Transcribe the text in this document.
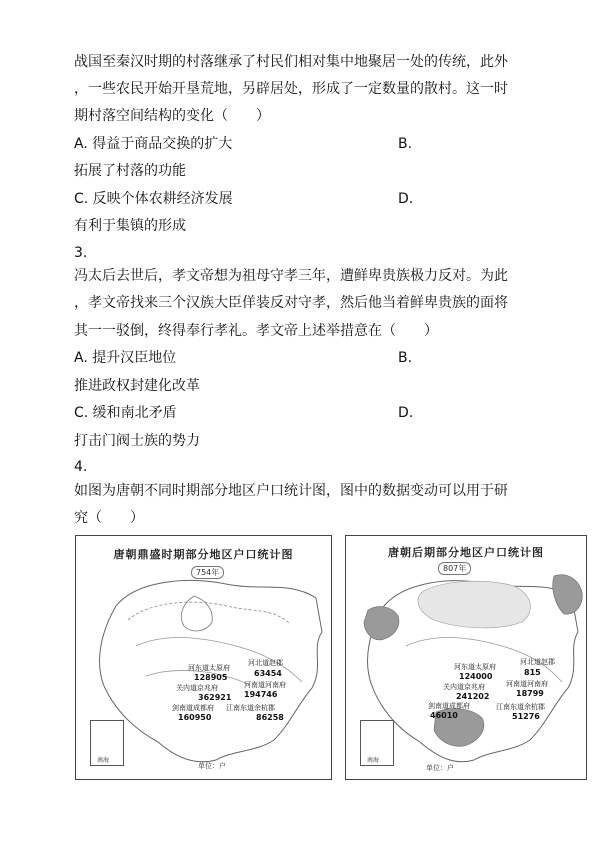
战国至秦汉时期的村落继承了村民们相对集中地聚居一处的传统，此外
，一些农民开始开垦荒地，另辟居处，形成了一定数量的散村。这一时
期村落空间结构的变化（　　）
A. 得益于商品交换的扩大	B.
拓展了村落的功能
C. 反映个体农耕经济发展	D.
有利于集镇的形成
3.
冯太后去世后，孝文帝想为祖母守孝三年，遭鲜卑贵族极力反对。为此
，孝文帝找来三个汉族大臣佯装反对守孝，然后他当着鲜卑贵族的面将
其一一驳倒，终得奉行孝礼。孝文帝上述举措意在（　　）
A. 提升汉臣地位	B.
推进政权封建化改革
C. 缓和南北矛盾	D.
打击门阀士族的势力
4.
如图为唐朝不同时期部分地区户口统计图，图中的数据变动可以用于研
究（　　）
唐朝鼎盛时期部分地区户口统计图
754年
河东道太原府
128905
河北道赵郡
63454
关内道京兆府
362921
河南道河南府
194746
剑南道成都府
160950
江南东道余杭郡
86258
南海
单位：户
唐朝后期部分地区户口统计图
807年
河东道太原府
124000
河北道赵郡
815
关内道京兆府
241202
河南道河南府
18799
剑南道成都府
46010
江南东道余杭郡
51276
南海
单位：户
